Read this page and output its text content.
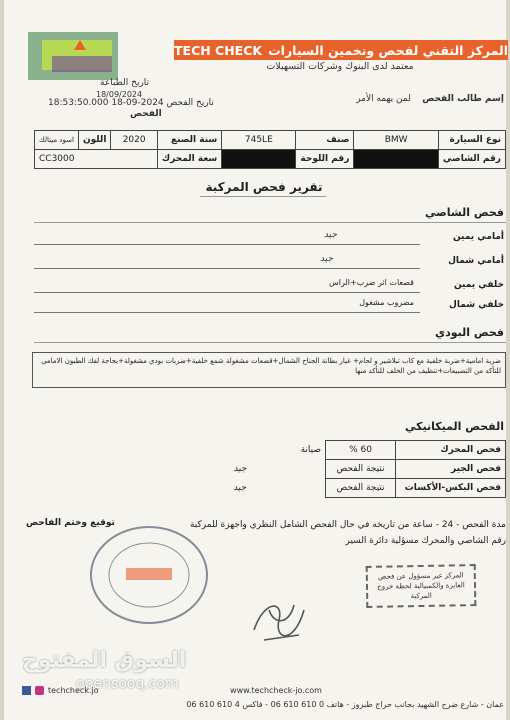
المركز التقني لفحص وتخمين السيارات
TECH CHECK
معتمد لدى البنوك وشركات التسهيلات
تاريخ الطباعة
18/09/2024
تاريخ الفحص 2024-09-18 18:53:50.000
الفحص
إسم طالب الفحص    لمن يهمه الأمر
نوع السيارة	BMW	صنف	745LE	سنة الصنع	2020	اللون	اسود ميتالك
رقم الشاصي		رقم اللوحة		سعة المحرك	CC3000		
تقرير فحص المركبة
فحص الشاصي
أمامي يمين
جيد
أمامي شمال
جيد
خلفي يمين
قصعات اثر ضرب+الراس
خلفي شمال
مضروب مشغول
فحص البودي
ضربة امامية+ضربة خلفية مع كاب تبلاشير و لحام+ غيار بطانة الجناح الشمال+قصعات مشغولة شمع خلفية+ضربات بودي مشغولة+بحاجة لفك الطبون الامامي للتأكد من التصبيعات+تنظيف من الخلف للتأكد منها
الفحص الميكانيكي
فحص المحرك	60 %	صيانة
فحص الجير	نتيجة الفحص	جيد
فحص البكس-الأكسات	نتيجة الفحص	جيد
مدة الفحص - 24 - ساعة من تاريخه في حال الفحص الشامل النظري واجهزة للمركبة
رقم الشاصي والمحرك مسؤلية دائرة السير
توقيع وختم الفاحص
المركز غير مسؤول عن فحص العابرة والكمبيالية لحظة خروج المركبة
السوق المفتوح
opensooq.com
عمان - شارع ضرح الشهيد بجانب حراج طبروز - هاتف 0 610 610 06 - فاكس 4 610 610 06
www.techcheck-jo.com
techcheck.jo
